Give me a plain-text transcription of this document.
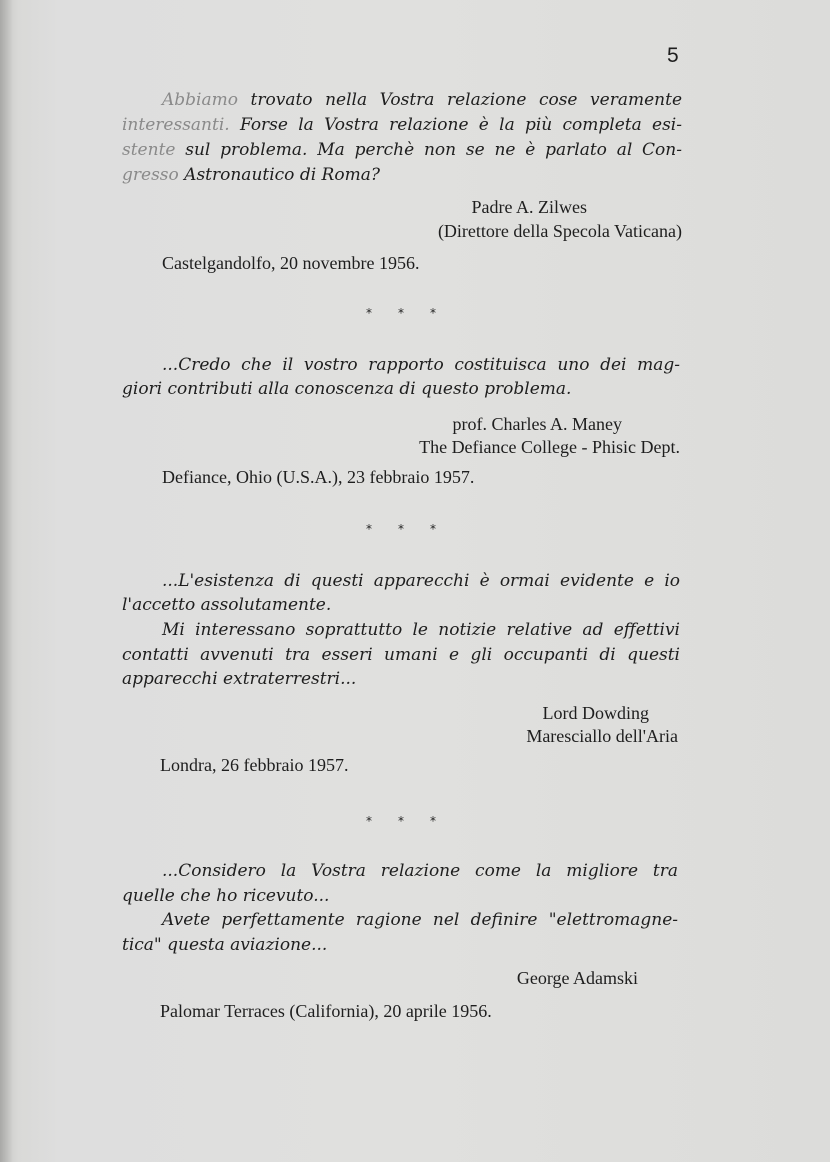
5
Abbiamo trovato nella Vostra relazione cose veramente
interessanti. Forse la Vostra relazione è la più completa esi-
stente sul problema. Ma perchè non se ne è parlato al Con-
gresso Astronautico di Roma?
Padre A. Zilwes
(Direttore della Specola Vaticana)
Castelgandolfo, 20 novembre 1956.
* * *
...Credo che il vostro rapporto costituisca uno dei mag-
giori contributi alla conoscenza di questo problema.
prof. Charles A. Maney
The Defiance College - Phisic Dept.
Defiance, Ohio (U.S.A.), 23 febbraio 1957.
* * *
...L'esistenza di questi apparecchi è ormai evidente e io
l'accetto assolutamente.
Mi interessano soprattutto le notizie relative ad effettivi
contatti avvenuti tra esseri umani e gli occupanti di questi
apparecchi extraterrestri...
Lord Dowding
Maresciallo dell'Aria
Londra, 26 febbraio 1957.
* * *
...Considero la Vostra relazione come la migliore tra
quelle che ho ricevuto...
Avete perfettamente ragione nel definire "elettromagne-
tica" questa aviazione...
George Adamski
Palomar Terraces (California), 20 aprile 1956.
